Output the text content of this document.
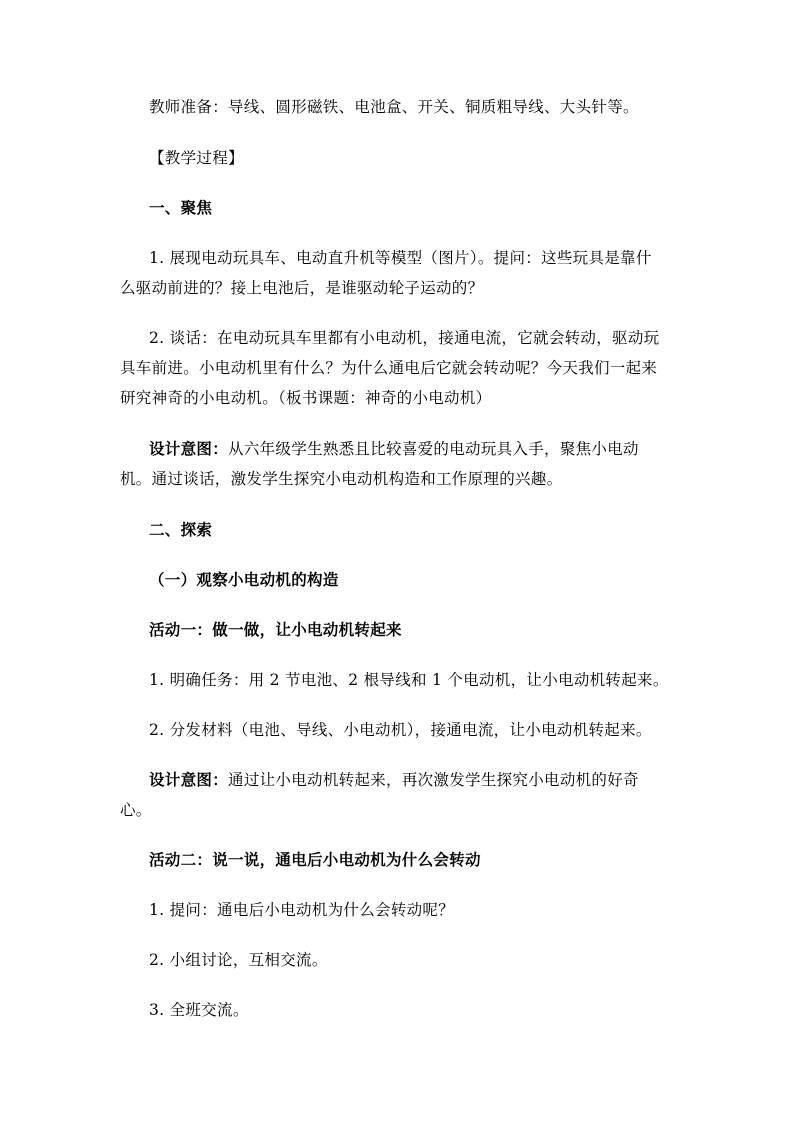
教师准备：导线、圆形磁铁、电池盒、开关、铜质粗导线、大头针等。
【教学过程】
一、聚焦
1. 展现电动玩具车、电动直升机等模型（图片）。提问：这些玩具是靠什
么驱动前进的？接上电池后，是谁驱动轮子运动的？
2. 谈话：在电动玩具车里都有小电动机，接通电流，它就会转动，驱动玩
具车前进。小电动机里有什么？为什么通电后它就会转动呢？今天我们一起来
研究神奇的小电动机。（板书课题：神奇的小电动机）
设计意图：从六年级学生熟悉且比较喜爱的电动玩具入手，聚焦小电动
机。通过谈话，激发学生探究小电动机构造和工作原理的兴趣。
二、探索
（一）观察小电动机的构造
活动一：做一做，让小电动机转起来
1. 明确任务：用 2 节电池、2 根导线和 1 个电动机，让小电动机转起来。
2. 分发材料（电池、导线、小电动机），接通电流，让小电动机转起来。
设计意图：通过让小电动机转起来，再次激发学生探究小电动机的好奇
心。
活动二：说一说，通电后小电动机为什么会转动
1. 提问：通电后小电动机为什么会转动呢？
2. 小组讨论，互相交流。
3. 全班交流。
